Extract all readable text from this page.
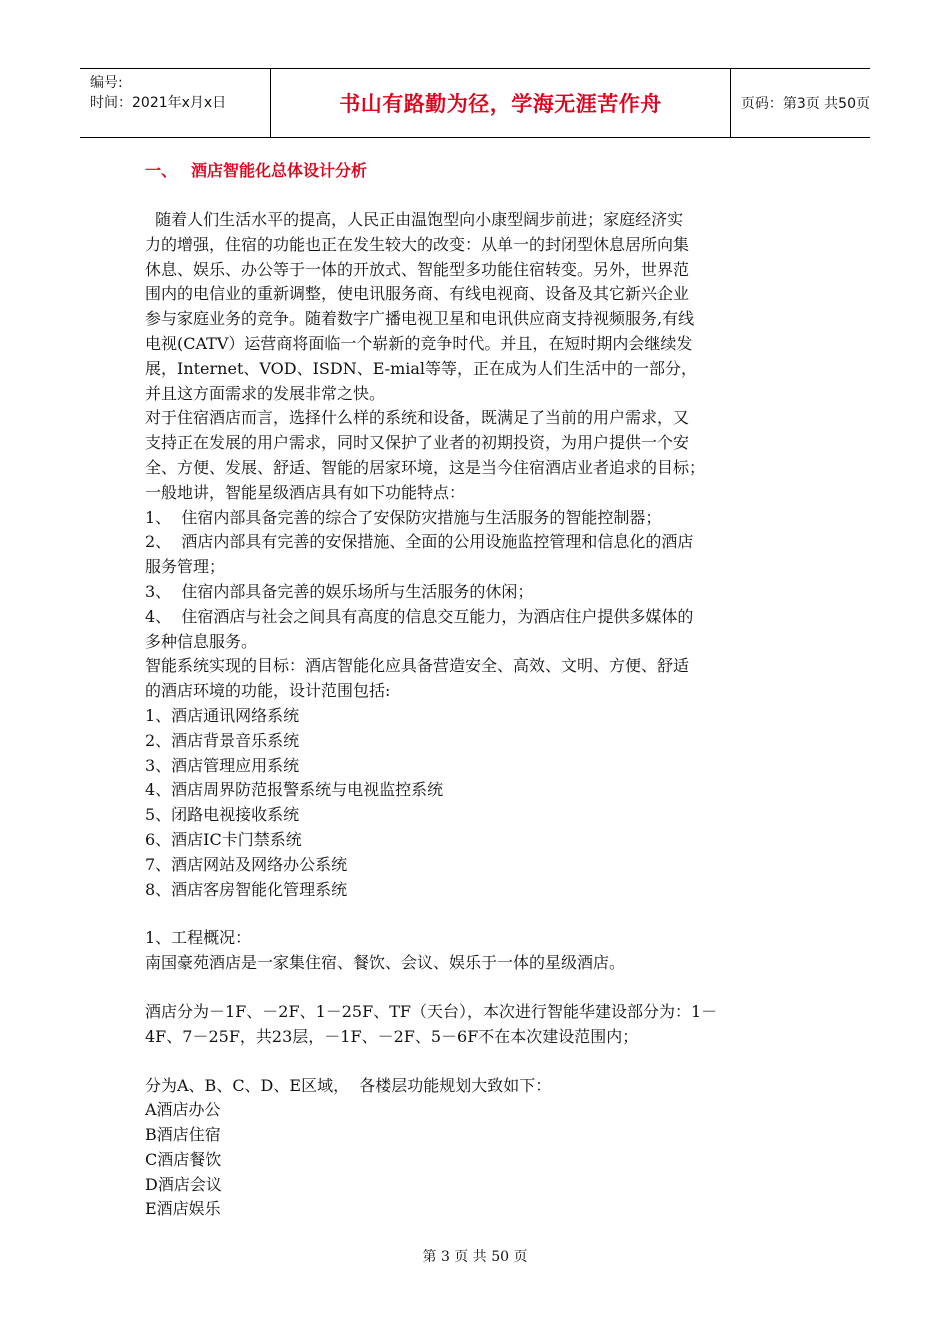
编号:
时间：2021年x月x日	书山有路勤为径，学海无涯苦作舟	页码：第3页 共50页
一、 酒店智能化总体设计分析

随着人们生活水平的提高，人民正由温饱型向小康型阔步前进；家庭经济实

力的增强，住宿的功能也正在发生较大的改变：从单一的封闭型休息居所向集

休息、娱乐、办公等于一体的开放式、智能型多功能住宿转变。另外，世界范

围内的电信业的重新调整，使电讯服务商、有线电视商、设备及其它新兴企业

参与家庭业务的竞争。随着数字广播电视卫星和电讯供应商支持视频服务,有线

电视(CATV）运营商将面临一个崭新的竞争时代。并且，在短时期内会继续发

展，Internet、VOD、ISDN、E-mial等等，正在成为人们生活中的一部分，

并且这方面需求的发展非常之快。

对于住宿酒店而言，选择什么样的系统和设备，既满足了当前的用户需求，又

支持正在发展的用户需求，同时又保护了业者的初期投资，为用户提供一个安

全、方便、发展、舒适、智能的居家环境，这是当今住宿酒店业者追求的目标；

一般地讲，智能星级酒店具有如下功能特点：

1、  住宿内部具备完善的综合了安保防灾措施与生活服务的智能控制器；

2、  酒店内部具有完善的安保措施、全面的公用设施监控管理和信息化的酒店

服务管理；

3、  住宿内部具备完善的娱乐场所与生活服务的休闲；

4、  住宿酒店与社会之间具有高度的信息交互能力，为酒店住户提供多媒体的

多种信息服务。

智能系统实现的目标：酒店智能化应具备营造安全、高效、文明、方便、舒适

的酒店环境的功能，设计范围包括:

1、酒店通讯网络系统

2、酒店背景音乐系统

3、酒店管理应用系统

4、酒店周界防范报警系统与电视监控系统

5、闭路电视接收系统

6、酒店IC卡门禁系统

7、酒店网站及网络办公系统

8、酒店客房智能化管理系统

1、工程概况：

南国豪苑酒店是一家集住宿、餐饮、会议、娱乐于一体的星级酒店。

酒店分为－1F、－2F、1－25F、TF（天台），本次进行智能华建设部分为：1－

4F、7－25F，共23层，－1F、－2F、5－6F不在本次建设范围内；

分为A、B、C、D、E区域，  各楼层功能规划大致如下：

A酒店办公

B酒店住宿

C酒店餐饮

D酒店会议

E酒店娱乐

第 3 页 共 50 页
